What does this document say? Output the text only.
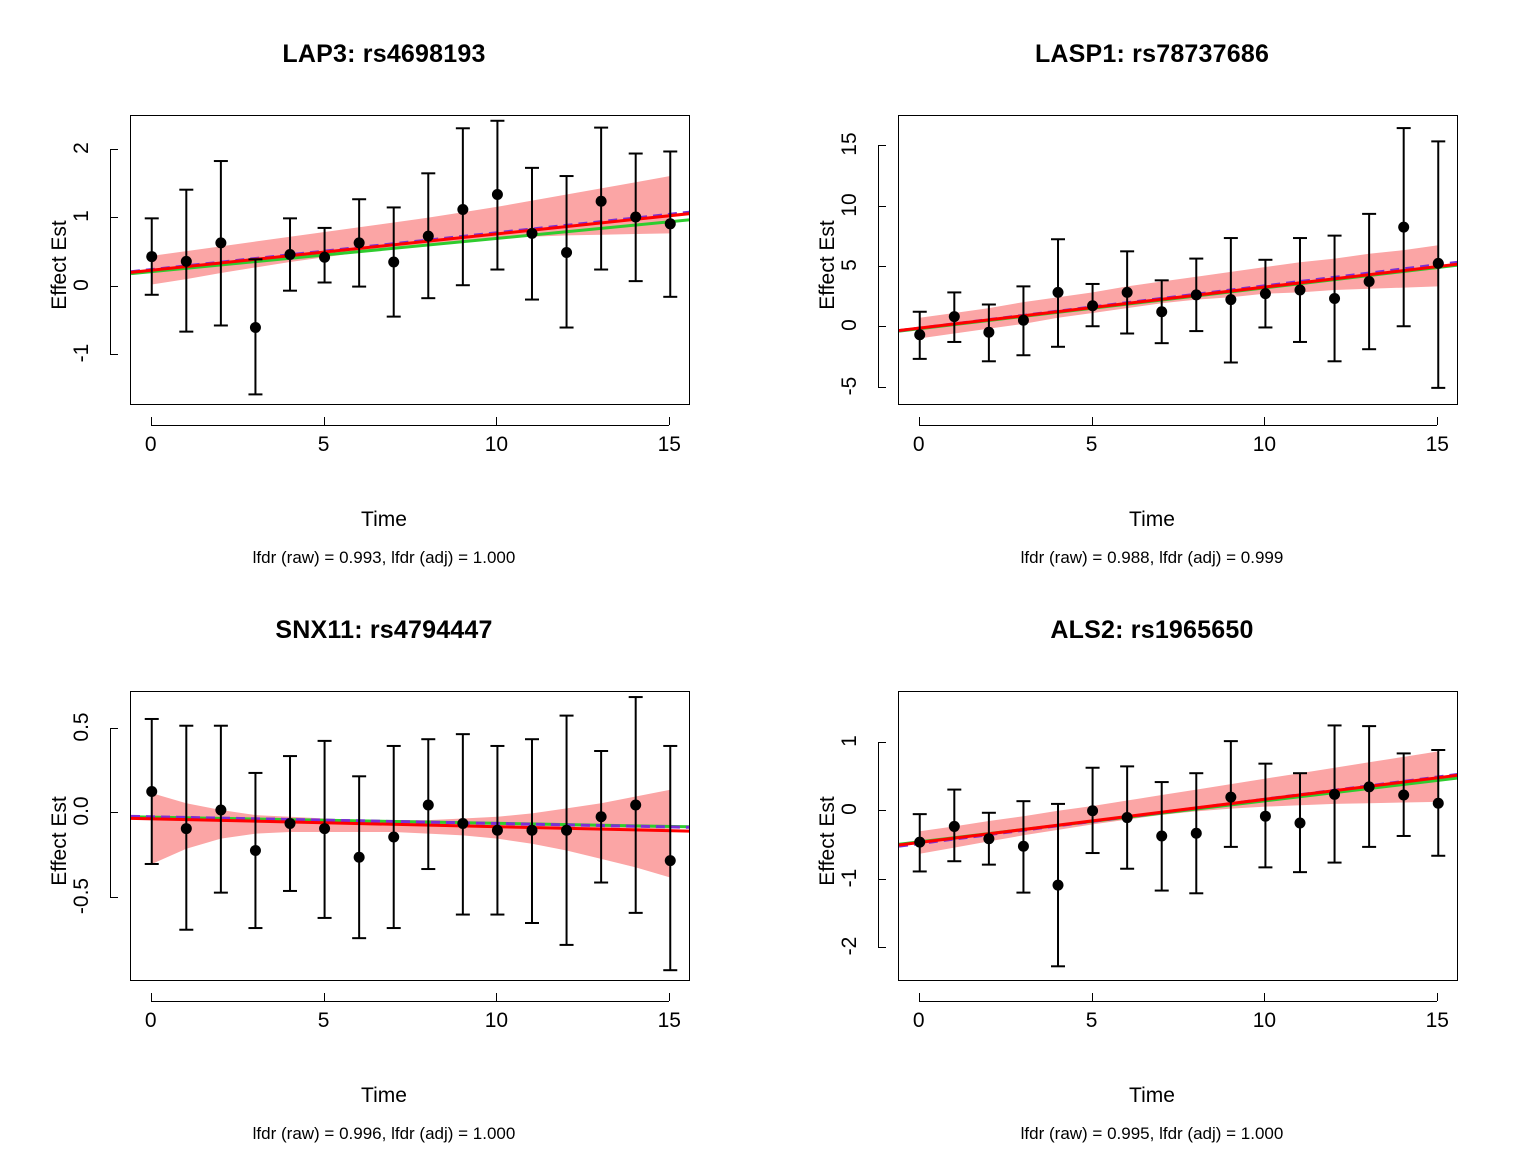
LAP3: rs4698193
Effect Est
Time
lfdr (raw) = 0.993, lfdr (adj) = 1.000
0	5	10	15
-1
0
1
2
LASP1: rs78737686
Effect Est
Time
lfdr (raw) = 0.988, lfdr (adj) = 0.999
0	5	10	15
-5
0
5
10
15
SNX11: rs4794447
Effect Est
Time
lfdr (raw) = 0.996, lfdr (adj) = 1.000
0	5	10	15
-0.5
0.0
0.5
ALS2: rs1965650
Effect Est
Time
lfdr (raw) = 0.995, lfdr (adj) = 1.000
0	5	10	15
-2
-1
0
1
